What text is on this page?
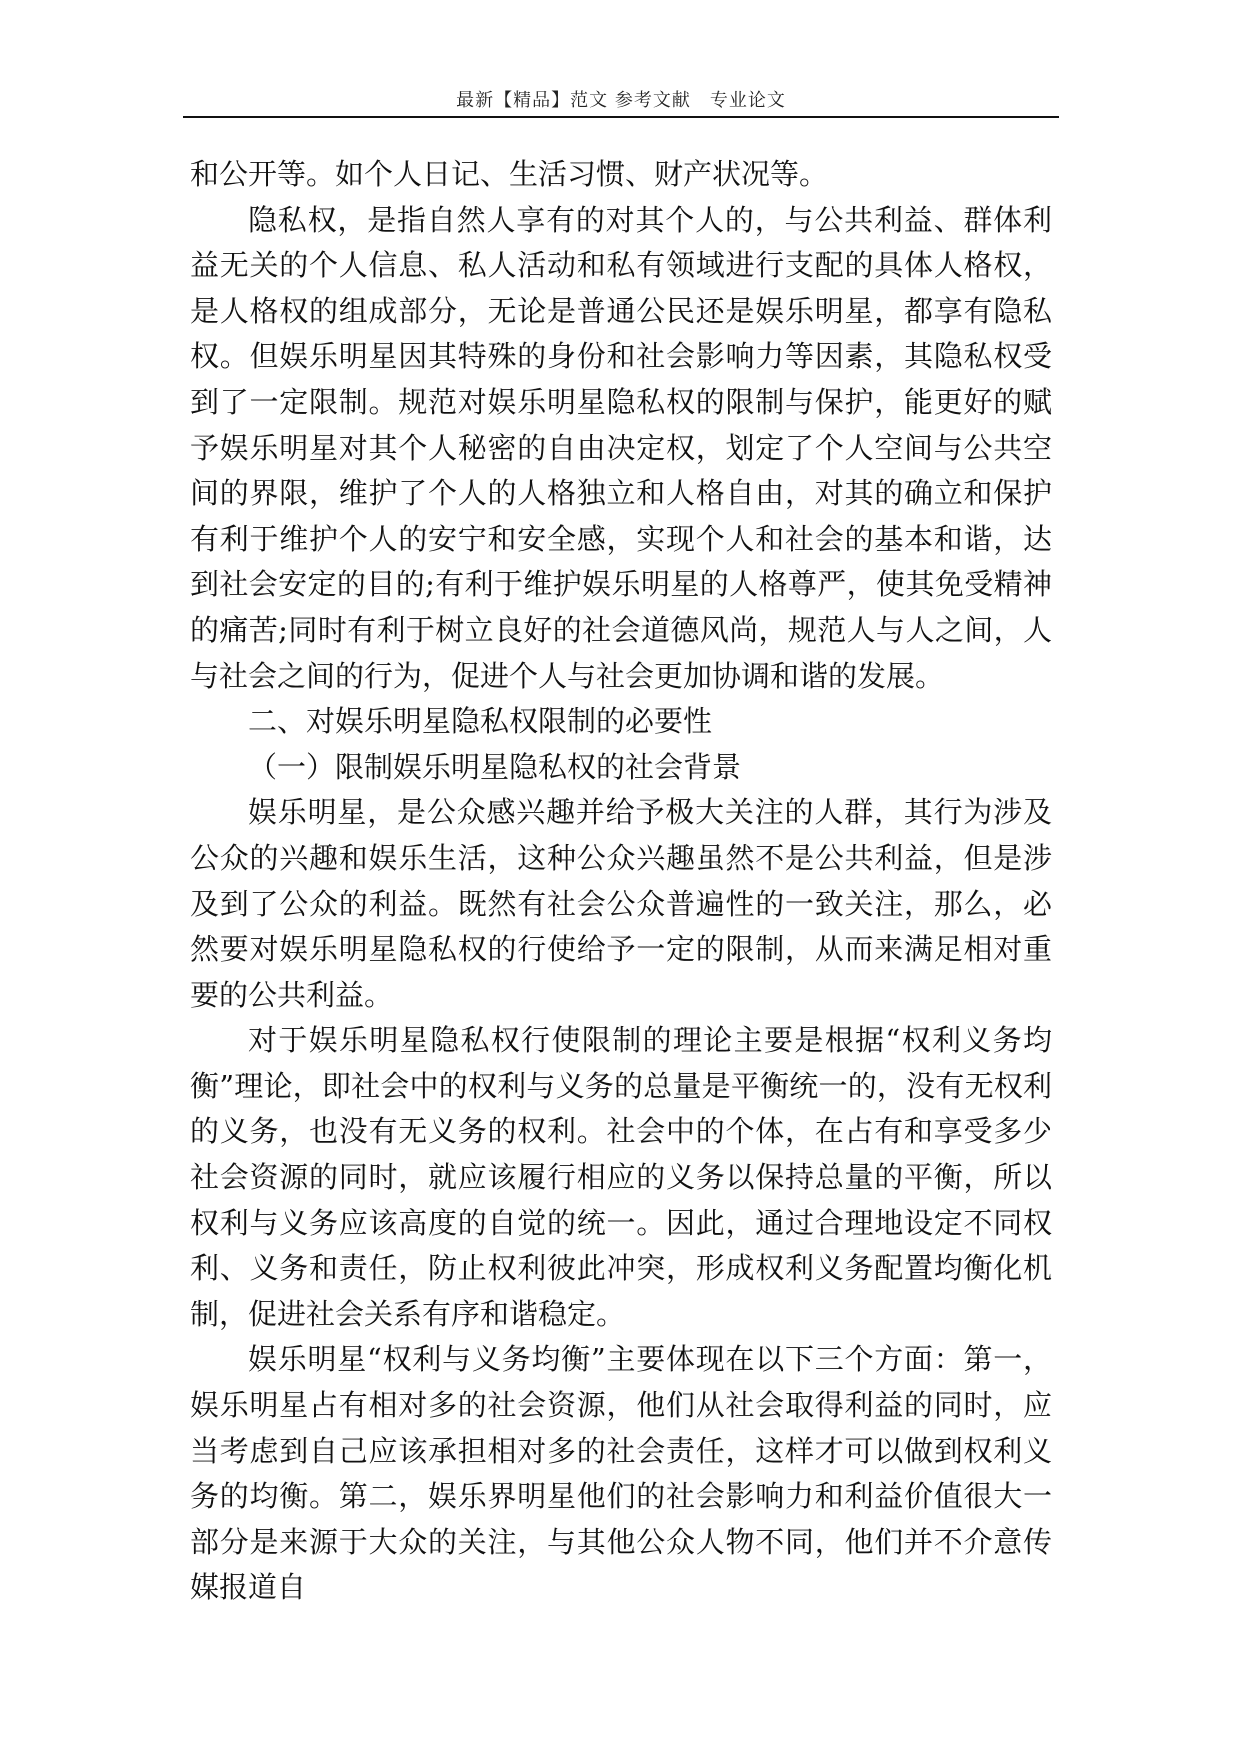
最新【精品】范文 参考文献　专业论文

和公开等。如个人日记、生活习惯、财产状况等。

隐私权，是指自然人享有的对其个人的，与公共利益、群体利益无关的个人信息、私人活动和私有领域进行支配的具体人格权，是人格权的组成部分，无论是普通公民还是娱乐明星，都享有隐私权。但娱乐明星因其特殊的身份和社会影响力等因素，其隐私权受到了一定限制。规范对娱乐明星隐私权的限制与保护，能更好的赋予娱乐明星对其个人秘密的自由决定权，划定了个人空间与公共空间的界限，维护了个人的人格独立和人格自由，对其的确立和保护有利于维护个人的安宁和安全感，实现个人和社会的基本和谐，达到社会安定的目的;有利于维护娱乐明星的人格尊严，使其免受精神的痛苦;同时有利于树立良好的社会道德风尚，规范人与人之间，人与社会之间的行为，促进个人与社会更加协调和谐的发展。

二、对娱乐明星隐私权限制的必要性

（一）限制娱乐明星隐私权的社会背景

娱乐明星，是公众感兴趣并给予极大关注的人群，其行为涉及公众的兴趣和娱乐生活，这种公众兴趣虽然不是公共利益，但是涉及到了公众的利益。既然有社会公众普遍性的一致关注，那么，必然要对娱乐明星隐私权的行使给予一定的限制，从而来满足相对重要的公共利益。

对于娱乐明星隐私权行使限制的理论主要是根据“权利义务均衡”理论，即社会中的权利与义务的总量是平衡统一的，没有无权利的义务，也没有无义务的权利。社会中的个体，在占有和享受多少社会资源的同时，就应该履行相应的义务以保持总量的平衡，所以权利与义务应该高度的自觉的统一。因此，通过合理地设定不同权利、义务和责任，防止权利彼此冲突，形成权利义务配置均衡化机制，促进社会关系有序和谐稳定。

娱乐明星“权利与义务均衡”主要体现在以下三个方面：第一，娱乐明星占有相对多的社会资源，他们从社会取得利益的同时，应当考虑到自己应该承担相对多的社会责任，这样才可以做到权利义务的均衡。第二，娱乐界明星他们的社会影响力和利益价值很大一部分是来源于大众的关注，与其他公众人物不同，他们并不介意传媒报道自
